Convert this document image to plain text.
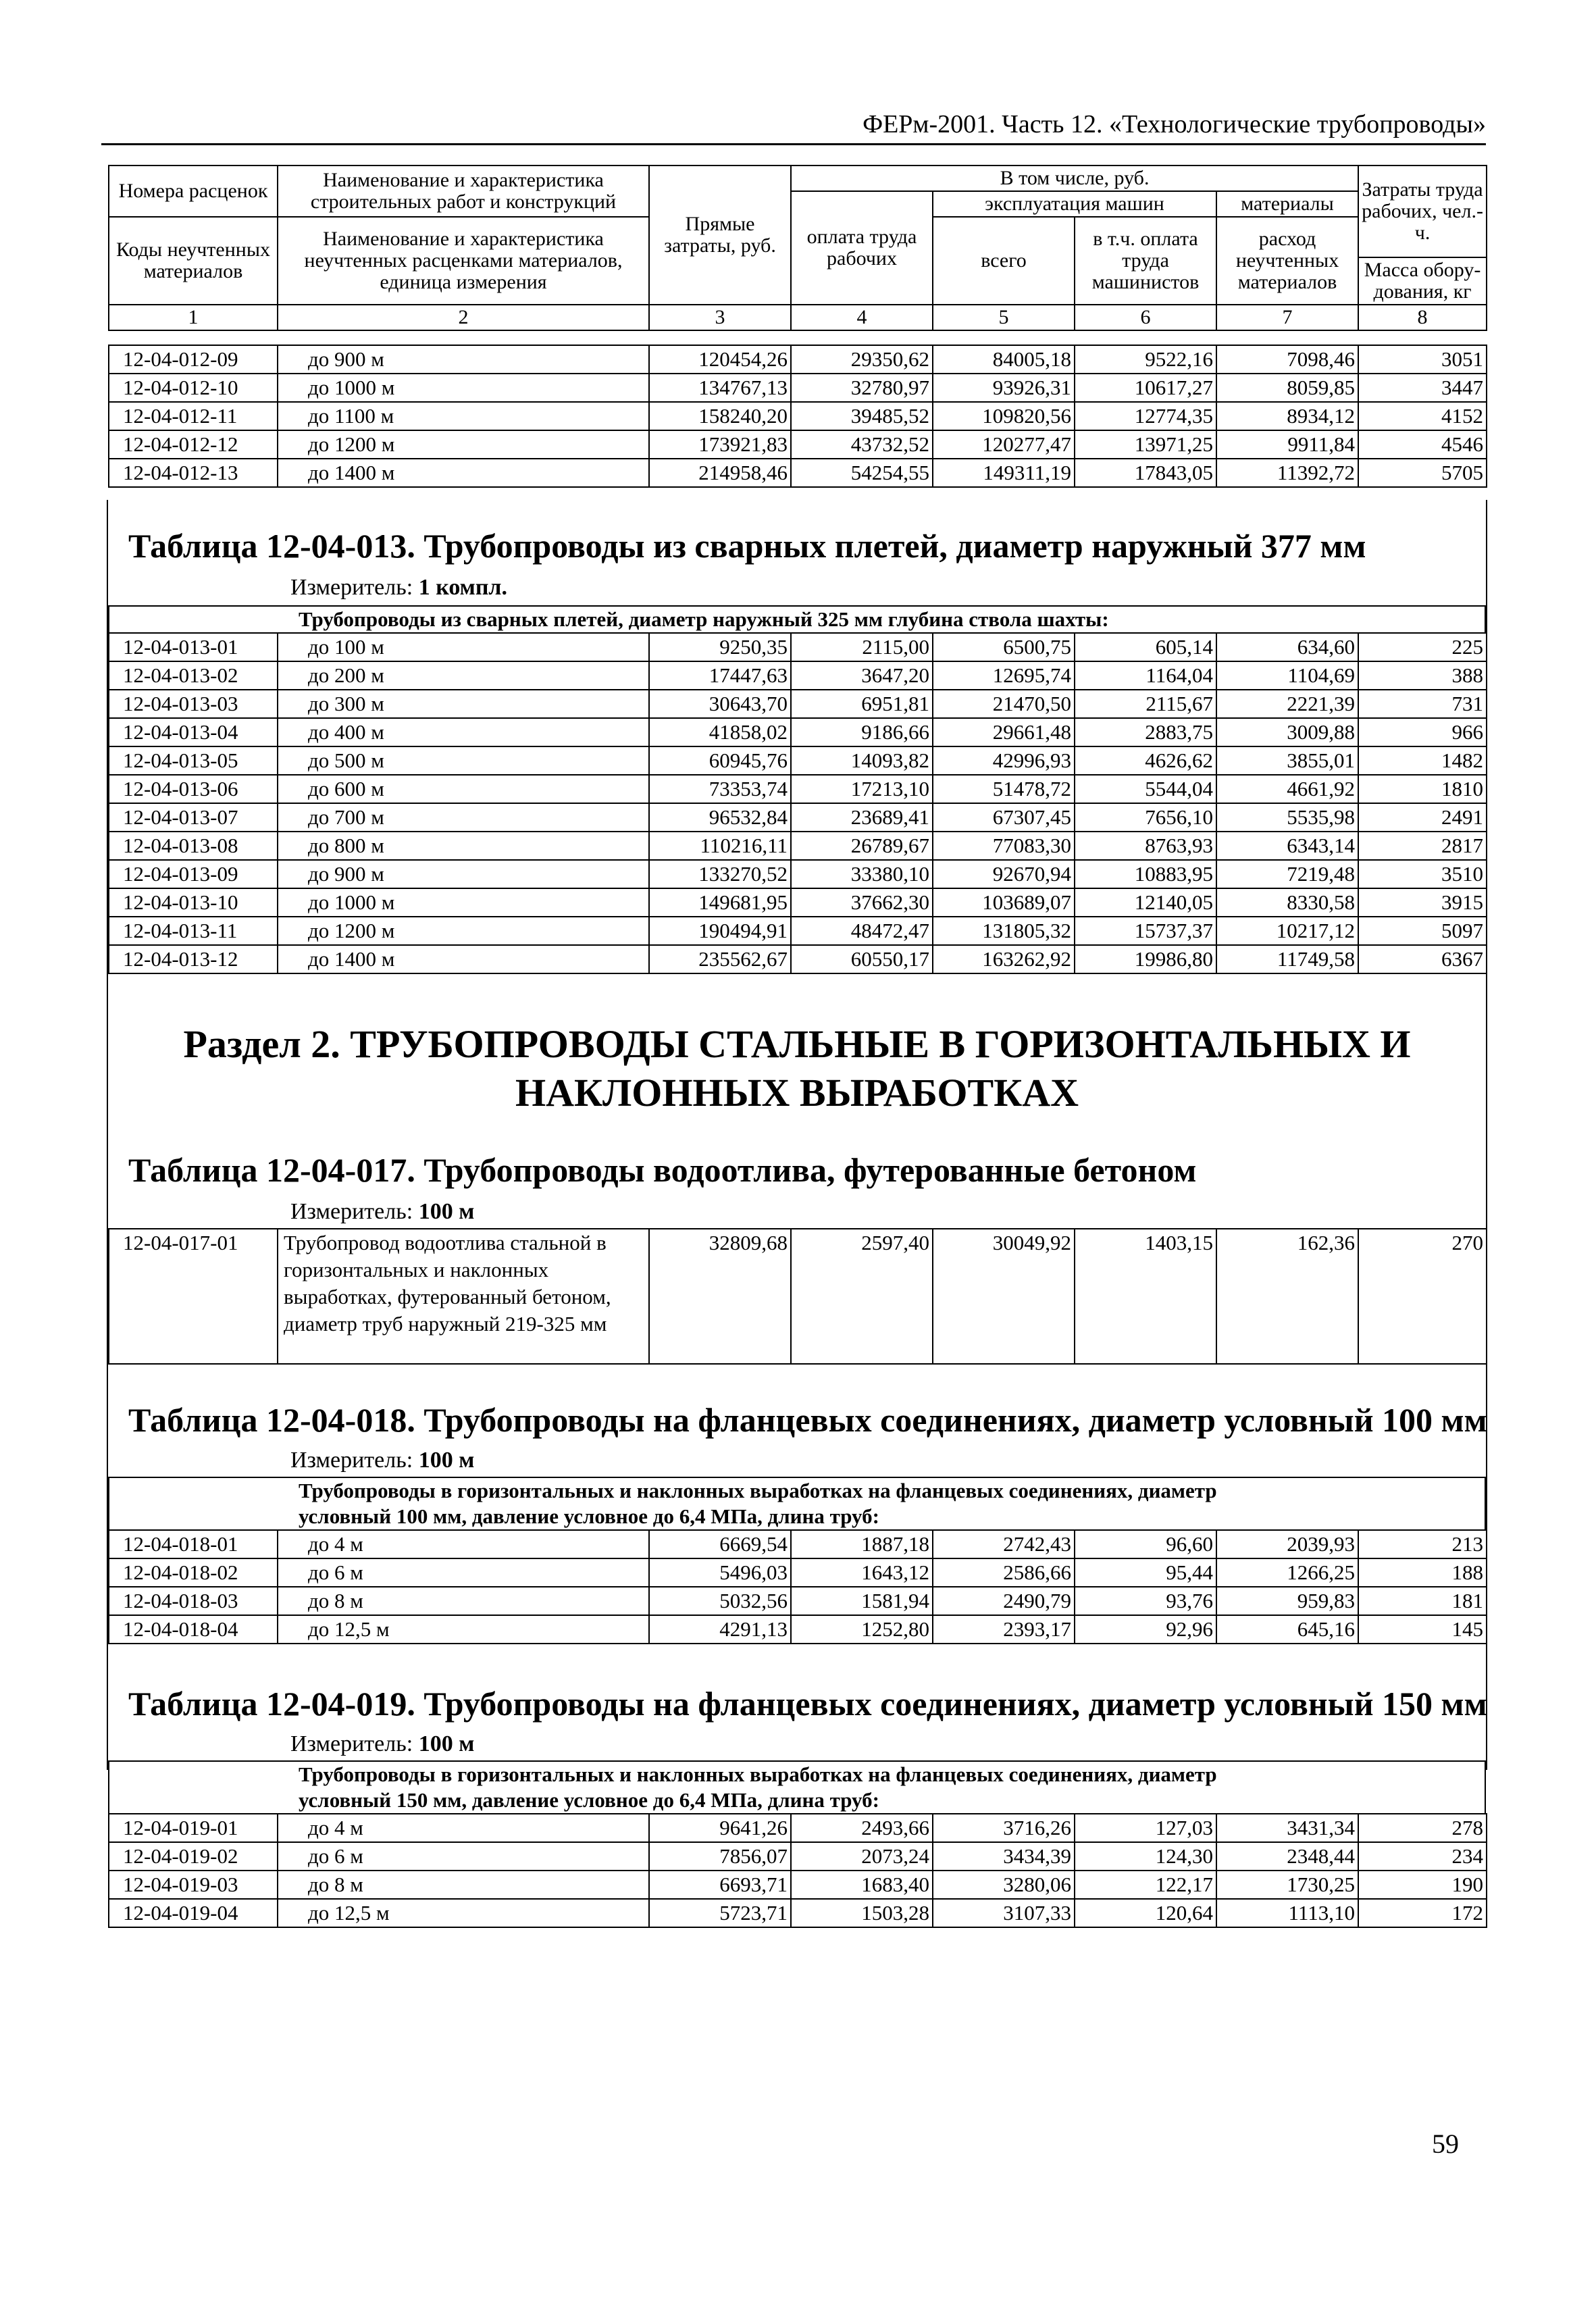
ФЕРм-2001. Часть 12. «Технологические трубопроводы»
Номера расценок	Наименование и характеристика строительных работ и конструкций	Прямые затраты, руб.	В том числе, руб.				Затраты труда рабочих, чел.-ч.
			оплата труда рабочих	эксплуатация машин		материалы	
Коды неучтенных материалов	Наименование и характеристика неучтенных расценками материалов, единица измерения			всего	в т.ч. оплата труда машинистов	расход неучтенных материалов	
							Масса обору-дования, кг
1	2	3	4	5	6	7	8
12-04-012-09	до 900 м	120454,26	29350,62	84005,18	9522,16	7098,46	3051
12-04-012-10	до 1000 м	134767,13	32780,97	93926,31	10617,27	8059,85	3447
12-04-012-11	до 1100 м	158240,20	39485,52	109820,56	12774,35	8934,12	4152
12-04-012-12	до 1200 м	173921,83	43732,52	120277,47	13971,25	9911,84	4546
12-04-012-13	до 1400 м	214958,46	54254,55	149311,19	17843,05	11392,72	5705
Таблица 12-04-013. Трубопроводы из сварных плетей, диаметр наружный 377 мм
Измеритель: 1 компл.
Трубопроводы из сварных плетей, диаметр наружный 325 мм глубина ствола шахты:
12-04-013-01	до 100 м	9250,35	2115,00	6500,75	605,14	634,60	225
12-04-013-02	до 200 м	17447,63	3647,20	12695,74	1164,04	1104,69	388
12-04-013-03	до 300 м	30643,70	6951,81	21470,50	2115,67	2221,39	731
12-04-013-04	до 400 м	41858,02	9186,66	29661,48	2883,75	3009,88	966
12-04-013-05	до 500 м	60945,76	14093,82	42996,93	4626,62	3855,01	1482
12-04-013-06	до 600 м	73353,74	17213,10	51478,72	5544,04	4661,92	1810
12-04-013-07	до 700 м	96532,84	23689,41	67307,45	7656,10	5535,98	2491
12-04-013-08	до 800 м	110216,11	26789,67	77083,30	8763,93	6343,14	2817
12-04-013-09	до 900 м	133270,52	33380,10	92670,94	10883,95	7219,48	3510
12-04-013-10	до 1000 м	149681,95	37662,30	103689,07	12140,05	8330,58	3915
12-04-013-11	до 1200 м	190494,91	48472,47	131805,32	15737,37	10217,12	5097
12-04-013-12	до 1400 м	235562,67	60550,17	163262,92	19986,80	11749,58	6367
Раздел 2. ТРУБОПРОВОДЫ СТАЛЬНЫЕ В ГОРИЗОНТАЛЬНЫХ И
НАКЛОННЫХ ВЫРАБОТКАХ
Таблица 12-04-017. Трубопроводы водоотлива, футерованные бетоном
Измеритель: 100 м
12-04-017-01	Трубопровод водоотлива стальной в горизонтальных и наклонных выработках, футерованный бетоном, диаметр труб наружный 219-325 мм	32809,68	2597,40	30049,92	1403,15	162,36	270
Таблица 12-04-018. Трубопроводы на фланцевых соединениях, диаметр условный 100 мм
Измеритель: 100 м
Трубопроводы в горизонтальных и наклонных выработках на фланцевых соединениях, диаметр условный 100 мм, давление условное до 6,4 МПа, длина труб:
12-04-018-01	до 4 м	6669,54	1887,18	2742,43	96,60	2039,93	213
12-04-018-02	до 6 м	5496,03	1643,12	2586,66	95,44	1266,25	188
12-04-018-03	до 8 м	5032,56	1581,94	2490,79	93,76	959,83	181
12-04-018-04	до 12,5 м	4291,13	1252,80	2393,17	92,96	645,16	145
Таблица 12-04-019. Трубопроводы на фланцевых соединениях, диаметр условный 150 мм
Измеритель: 100 м
Трубопроводы в горизонтальных и наклонных выработках на фланцевых соединениях, диаметр условный 150 мм, давление условное до 6,4 МПа, длина труб:
12-04-019-01	до 4 м	9641,26	2493,66	3716,26	127,03	3431,34	278
12-04-019-02	до 6 м	7856,07	2073,24	3434,39	124,30	2348,44	234
12-04-019-03	до 8 м	6693,71	1683,40	3280,06	122,17	1730,25	190
12-04-019-04	до 12,5 м	5723,71	1503,28	3107,33	120,64	1113,10	172
59
